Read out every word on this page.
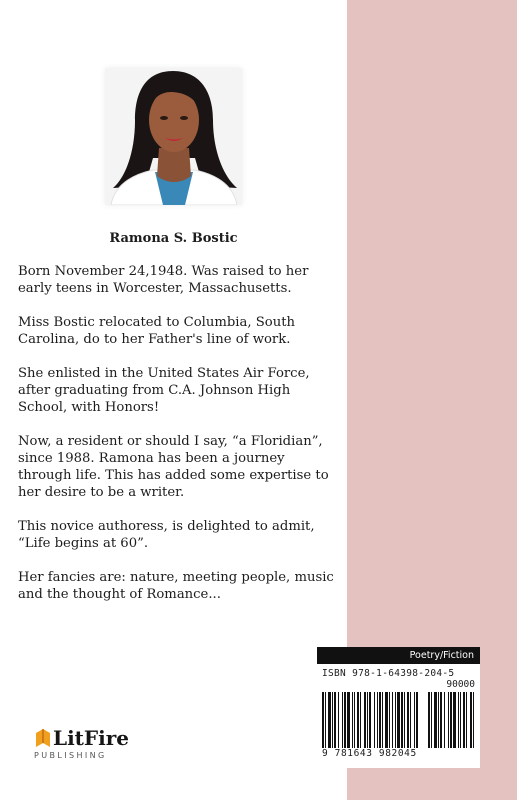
Ramona S. Bostic

Born November 24,1948. Was raised to her early teens in Worcester, Massachusetts.

Miss Bostic relocated to Columbia, South Carolina, do to her Father's line of work.

She enlisted in the United States Air Force, after graduating from C.A. Johnson High School, with Honors!

Now, a resident or should I say, “a Floridian”, since 1988. Ramona has been a journey through life. This has added some expertise to her desire to be a writer.

This novice authoress, is delighted to admit, “Life begins at 60”.

Her fancies are: nature, meeting people, music and the thought of Romance...

Poetry/Fiction
ISBN 978-1-64398-204-5
90000
9 781643 982045
LitFire
PUBLISHING
